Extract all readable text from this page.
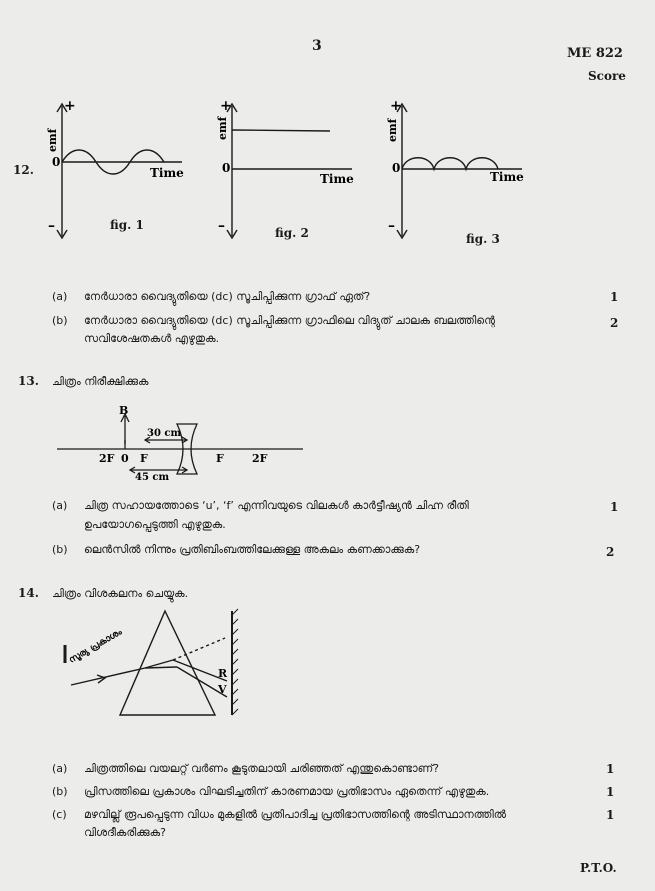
3	ME 822
Score
12.
+
–
0
emf
Time
fig. 1
+
–
0
emf
Time
fig. 2
+
–
0
emf
Time
fig. 3
(a) നേർധാരാ വൈദ്യുതിയെ (dc) സൂചിപ്പിക്കുന്ന ഗ്രാഫ് ഏത്?	1
(b) നേർധാരാ വൈദ്യുതിയെ (dc) സൂചിപ്പിക്കുന്ന ഗ്രാഫിലെ വിദ്യുത് ചാലക ബലത്തിന്റെ
സവിശേഷതകൾ എഴുതുക.
2
13. ചിത്രം നിരീക്ഷിക്കുക
B
30 cm
45 cm
2F 0 F	F	2F
(a) ചിത്ര സഹായത്തോടെ ‘u’, ‘f’ എന്നിവയുടെ വിലകൾ കാർട്ടീഷ്യൻ ചിഹ്ന രീതി
ഉപയോഗപ്പെടുത്തി എഴുതുക.
1
(b) ലെൻസിൽ നിന്നും പ്രതിബിംബത്തിലേക്കുള്ള അകലം കണക്കാക്കുക?	2
14. ചിത്രം വിശകലനം ചെയ്യുക.
സൂര്യ പ്രകാശം
R
V
(a) ചിത്രത്തിലെ വയലറ്റ് വർണം കൂടുതലായി ചരിഞ്ഞത് എന്തുകൊണ്ടാണ്?	1
(b) പ്രിസത്തിലെ പ്രകാശം വിഘടിച്ചതിന് കാരണമായ പ്രതിഭാസം ഏതെന്ന് എഴുതുക.	1
(c) മഴവില്ല് രൂപപ്പെടുന്ന വിധം മുകളിൽ പ്രതിപാദിച്ച പ്രതിഭാസത്തിന്റെ അടിസ്ഥാനത്തിൽ
വിശദീകരിക്കുക?
1
P.T.O.
